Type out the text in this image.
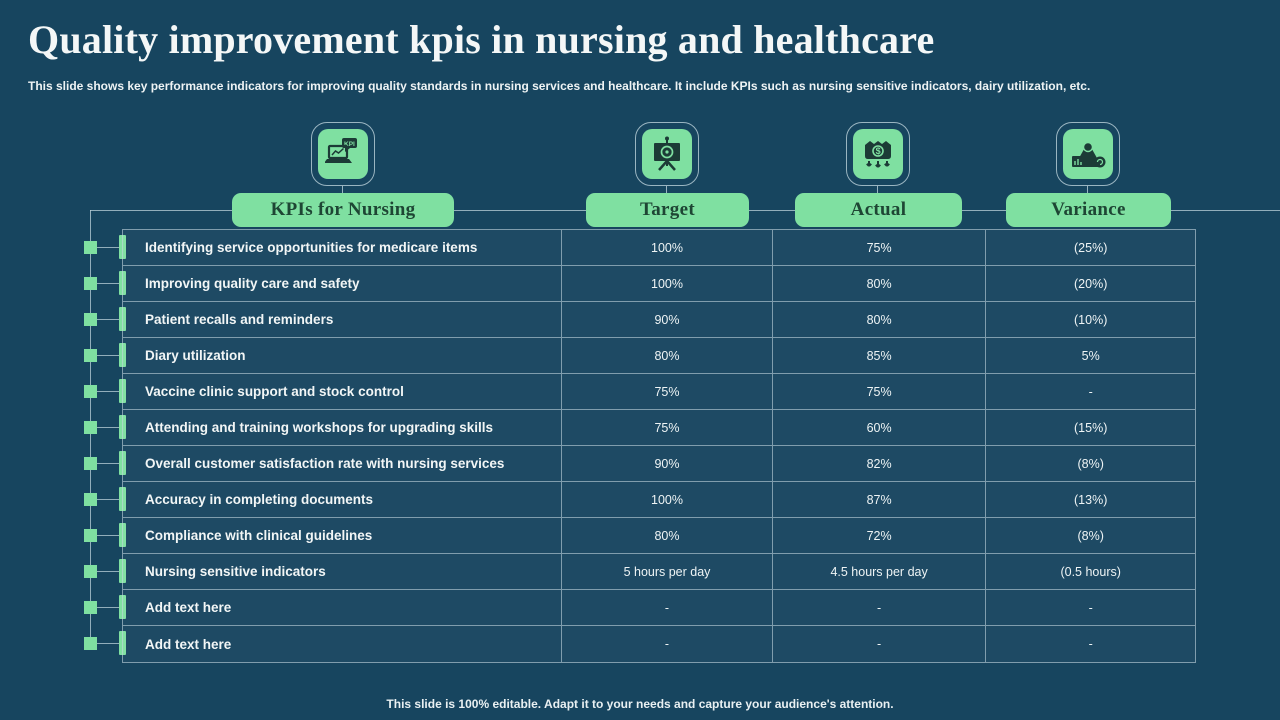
Quality improvement kpis in nursing and healthcare

This slide shows key performance indicators for improving quality standards in nursing services and healthcare. It include KPIs such as nursing sensitive indicators, dairy utilization, etc.

KPI
$
KPIs for Nursing	Target	Actual	Variance
Identifying service opportunities for medicare items	100%	75%	(25%)
Improving quality care and safety	100%	80%	(20%)
Patient recalls and reminders	90%	80%	(10%)
Diary utilization	80%	85%	5%
Vaccine clinic support and stock control	75%	75%	-
Attending and training workshops for upgrading skills	75%	60%	(15%)
Overall customer satisfaction rate with nursing services	90%	82%	(8%)
Accuracy in completing documents	100%	87%	(13%)
Compliance with clinical guidelines	80%	72%	(8%)
Nursing sensitive indicators	5 hours per day	4.5 hours per day	(0.5 hours)
Add text here	-	-	-
Add text here	-	-	-

This slide is 100% editable. Adapt it to your needs and capture your audience's attention.
